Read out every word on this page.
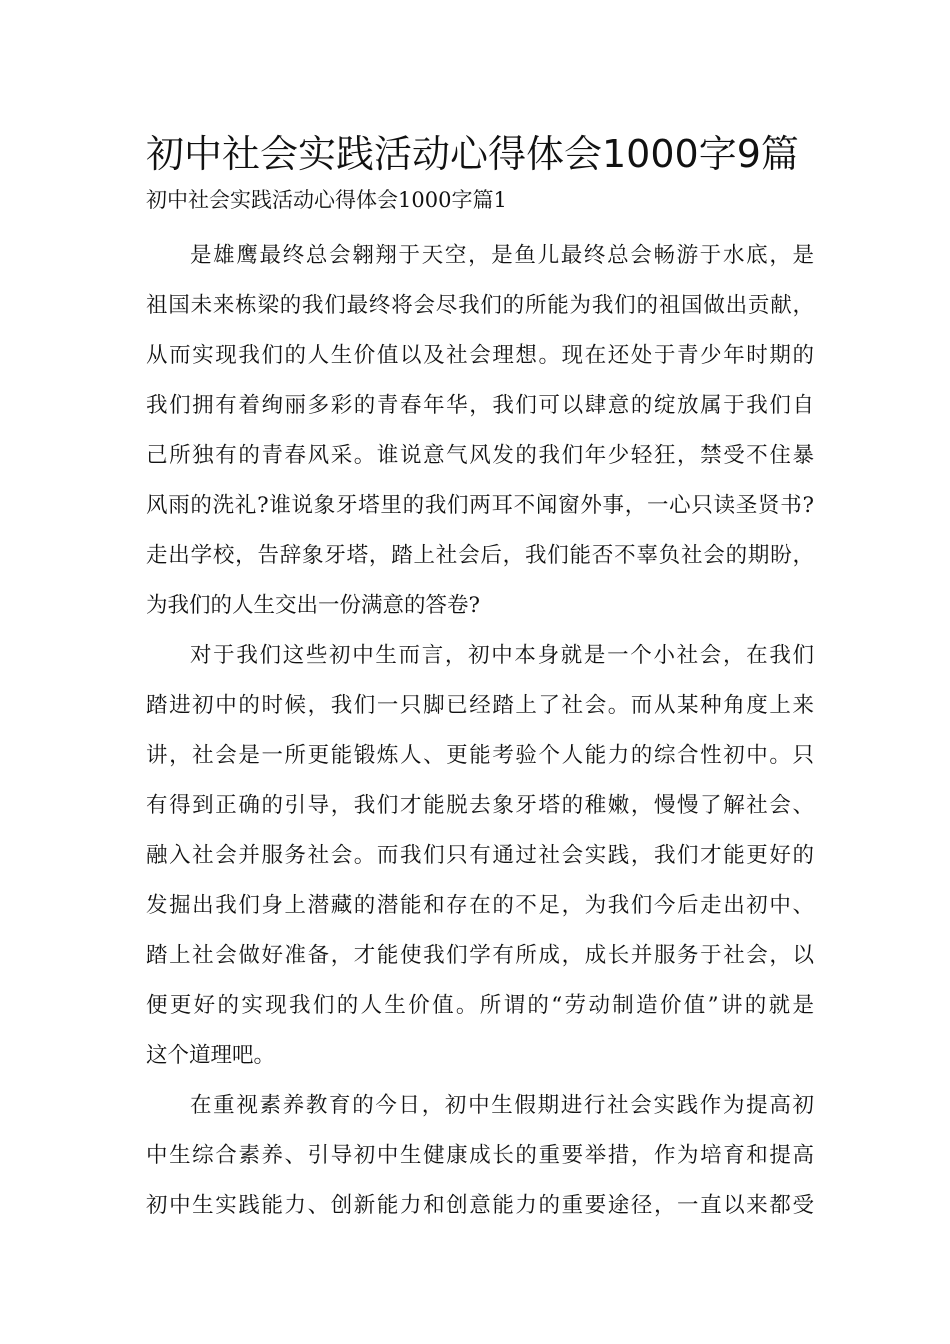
初中社会实践活动心得体会1000字9篇
初中社会实践活动心得体会1000字篇1
是雄鹰最终总会翱翔于天空，是鱼儿最终总会畅游于水底，是
祖国未来栋梁的我们最终将会尽我们的所能为我们的祖国做出贡献，
从而实现我们的人生价值以及社会理想。现在还处于青少年时期的
我们拥有着绚丽多彩的青春年华，我们可以肆意的绽放属于我们自
己所独有的青春风采。谁说意气风发的我们年少轻狂，禁受不住暴
风雨的洗礼?谁说象牙塔里的我们两耳不闻窗外事，一心只读圣贤书?
走出学校，告辞象牙塔，踏上社会后，我们能否不辜负社会的期盼，
为我们的人生交出一份满意的答卷?
对于我们这些初中生而言，初中本身就是一个小社会，在我们
踏进初中的时候，我们一只脚已经踏上了社会。而从某种角度上来
讲，社会是一所更能锻炼人、更能考验个人能力的综合性初中。只
有得到正确的引导，我们才能脱去象牙塔的稚嫩，慢慢了解社会、
融入社会并服务社会。而我们只有通过社会实践，我们才能更好的
发掘出我们身上潜藏的潜能和存在的不足，为我们今后走出初中、
踏上社会做好准备，才能使我们学有所成，成长并服务于社会，以
便更好的实现我们的人生价值。所谓的“劳动制造价值”讲的就是
这个道理吧。
在重视素养教育的今日，初中生假期进行社会实践作为提高初
中生综合素养、引导初中生健康成长的重要举措，作为培育和提高
初中生实践能力、创新能力和创意能力的重要途径，一直以来都受
